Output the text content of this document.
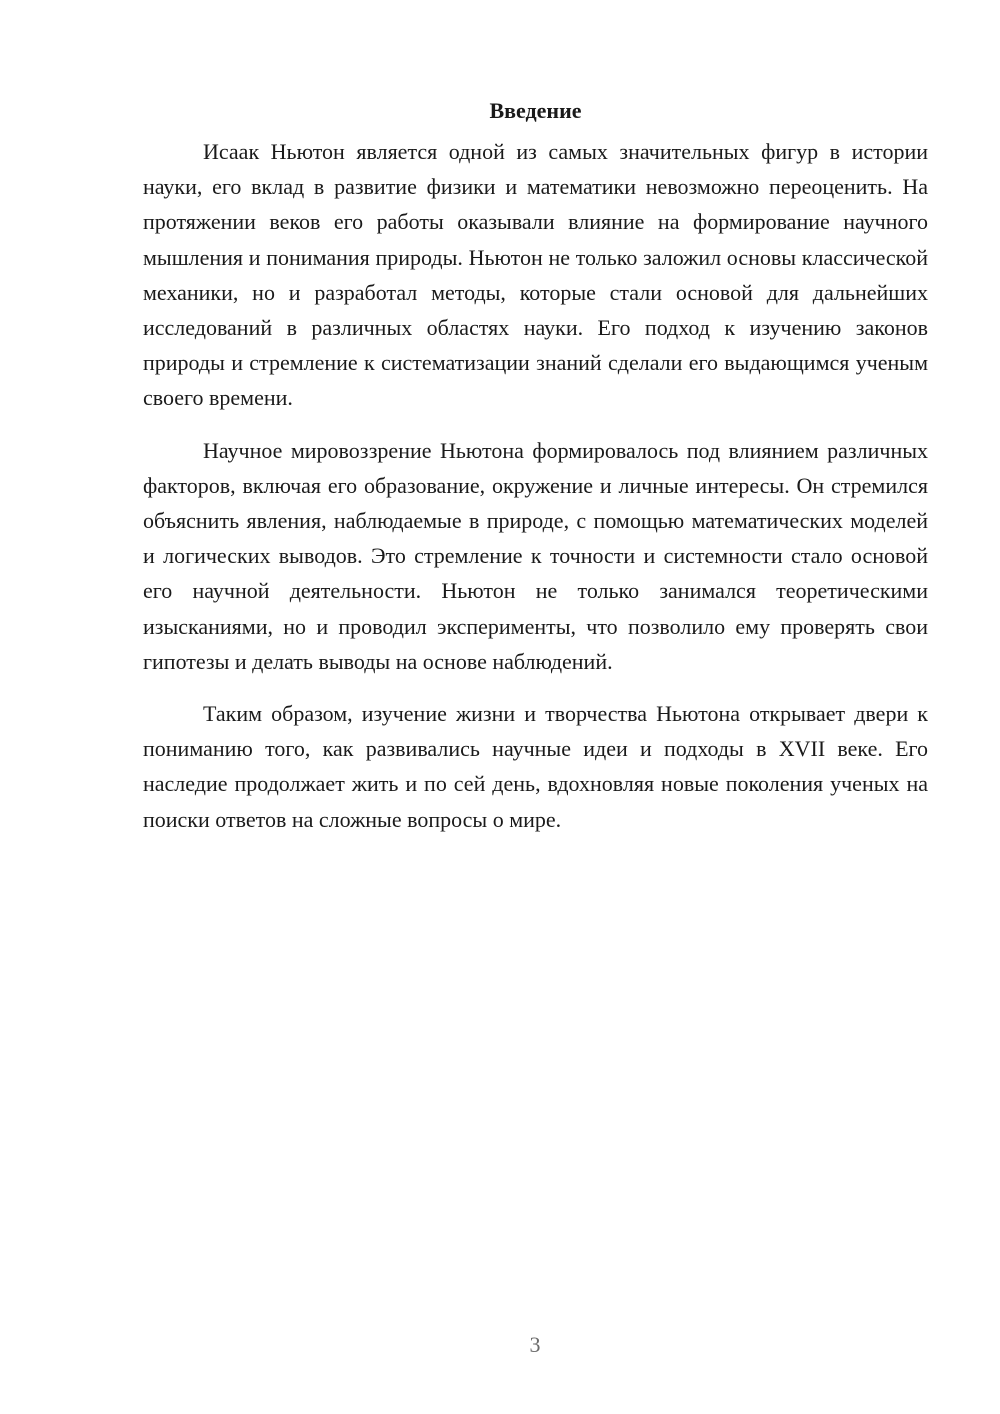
Введение

Исаак Ньютон является одной из самых значительных фигур в истории науки, его вклад в развитие физики и математики невозможно переоценить. На протяжении веков его работы оказывали влияние на формирование научного мышления и понимания природы. Ньютон не только заложил основы классической механики, но и разработал методы, которые стали основой для дальнейших исследований в различных областях науки. Его подход к изучению законов природы и стремление к систематизации знаний сделали его выдающимся ученым своего времени.

Научное мировоззрение Ньютона формировалось под влиянием различных факторов, включая его образование, окружение и личные интересы. Он стремился объяснить явления, наблюдаемые в природе, с помощью математических моделей и логических выводов. Это стремление к точности и системности стало основой его научной деятельности. Ньютон не только занимался теоретическими изысканиями, но и проводил эксперименты, что позволило ему проверять свои гипотезы и делать выводы на основе наблюдений.

Таким образом, изучение жизни и творчества Ньютона открывает двери к пониманию того, как развивались научные идеи и подходы в XVII веке. Его наследие продолжает жить и по сей день, вдохновляя новые поколения ученых на поиски ответов на сложные вопросы о мире.

3
